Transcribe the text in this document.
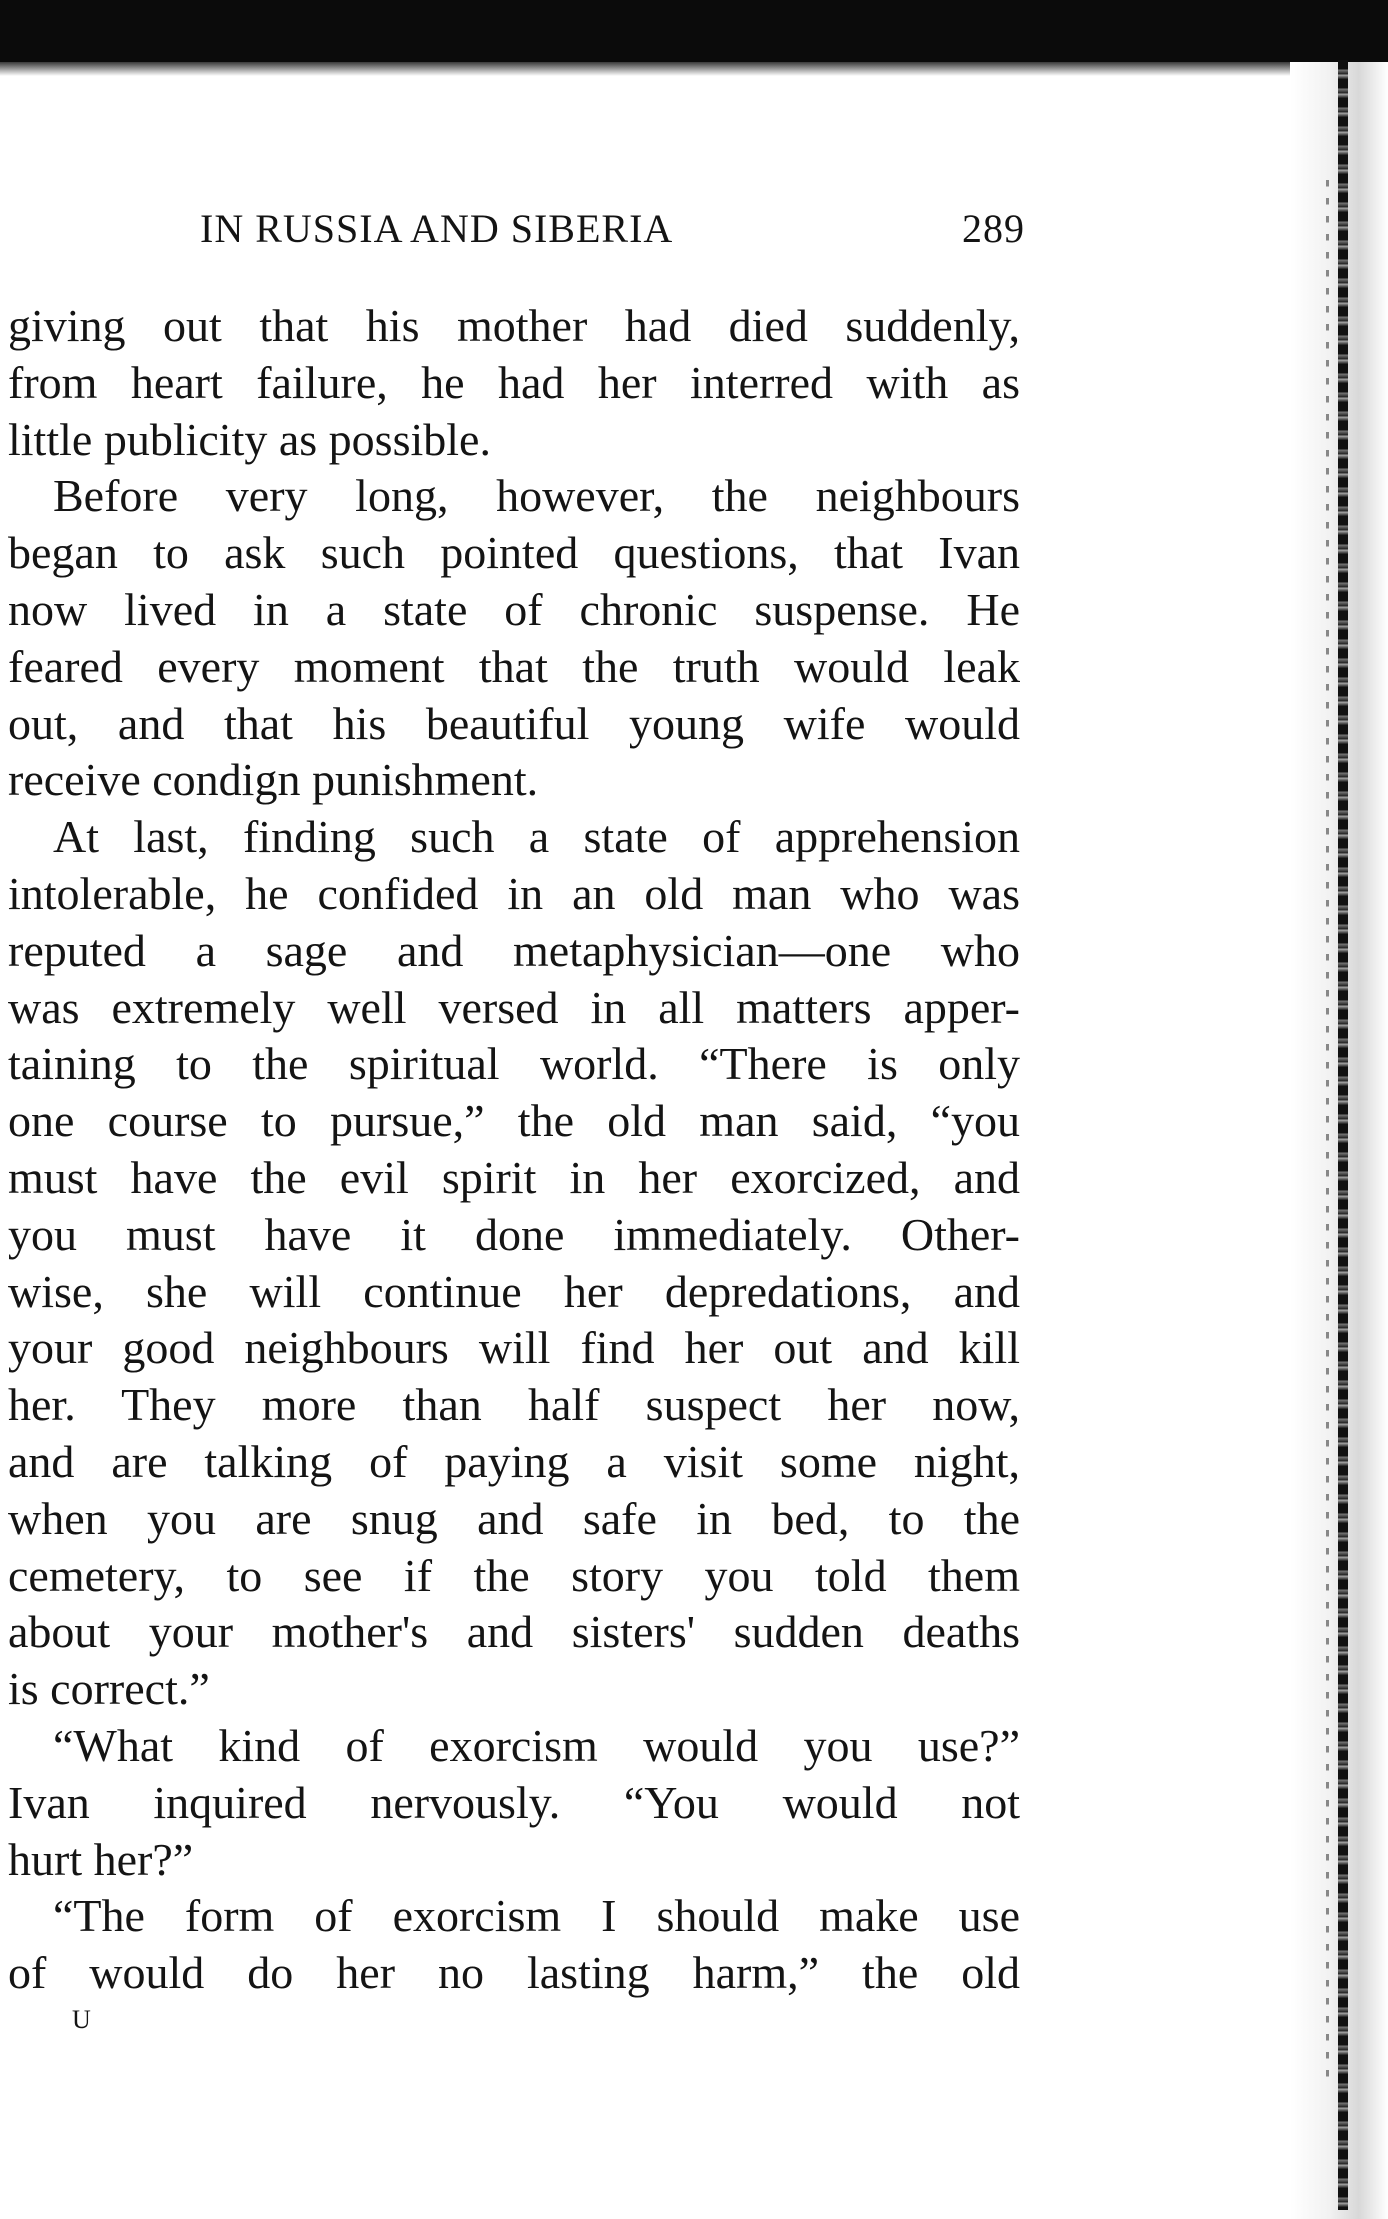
IN RUSSIA AND SIBERIA	289
giving out that his mother had died suddenly,
from heart failure, he had her interred with as
little publicity as possible.
Before very long, however, the neighbours
began to ask such pointed questions, that Ivan
now lived in a state of chronic suspense. He
feared every moment that the truth would leak
out, and that his beautiful young wife would
receive condign punishment.
At last, finding such a state of apprehension
intolerable, he confided in an old man who was
reputed a sage and metaphysician—one who
was extremely well versed in all matters apper-
taining to the spiritual world. “There is only
one course to pursue,” the old man said, “you
must have the evil spirit in her exorcized, and
you must have it done immediately. Other-
wise, she will continue her depredations, and
your good neighbours will find her out and kill
her. They more than half suspect her now,
and are talking of paying a visit some night,
when you are snug and safe in bed, to the
cemetery, to see if the story you told them
about your mother's and sisters' sudden deaths
is correct.”
“What kind of exorcism would you use?”
Ivan inquired nervously. “You would not
hurt her?”
“The form of exorcism I should make use
of would do her no lasting harm,” the old
U
